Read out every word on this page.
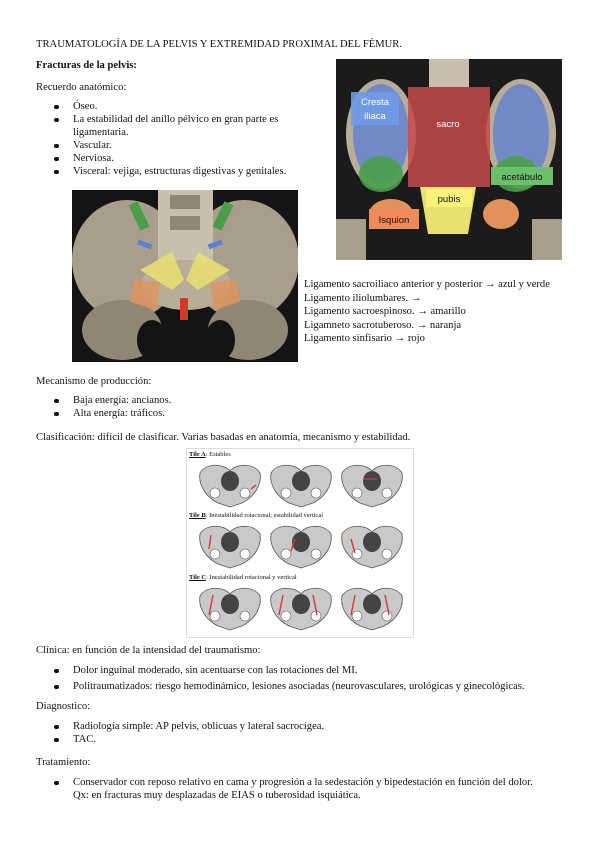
TRAUMATOLOGÍA DE LA PELVIS Y EXTREMIDAD PROXIMAL DEL FÉMUR.
Fracturas de la pelvis:
Recuerdo anatómico:
Óseo.
La estabilidad del anillo pélvico en gran parte es
ligamentaria.
Vascular.
Nerviosa.
Visceral: vejiga, estructuras digestivas y genitales.
Cresta
iliaca
sacro
acetábulo
pubis
Isquion
Ligamento sacroiliaco anterior y posterior → azul y verde
Ligamento iliolumbares. →
Ligamento sacroespinoso. → amarillo
Ligamneto sacrotuberoso. → naranja
Ligamento sinfisario → rojo
Mecanismo de producción:
Baja energía: ancianos.
Alta energía: tráficos.
Clasificación: difícil de clasificar. Varias basadas en anatomía, mecanismo y estabilidad.
Tile A: Estables
Tile B: Inestabilidad rotacional; estabilidad vertical
Tile C: Inestabilidad rotacional y vertical
Clínica: en función de la intensidad del traumatismo:
Dolor inguinal moderado, sin acentuarse con las rotaciones del MI.
Politraumatizados: riesgo hemodinámico, lesiones asociadas (neurovasculares, urológicas y ginecológicas.
Diagnostico:
Radiología simple: AP pelvis, oblicuas y lateral sacrocígea.
TAC.
Tratamiento:
Conservador con reposo relativo en cama y progresión a la sedestación y bipedestación en función del dolor.
Qx: en fracturas muy desplazadas de EIAS o tuberosidad isquiática.
